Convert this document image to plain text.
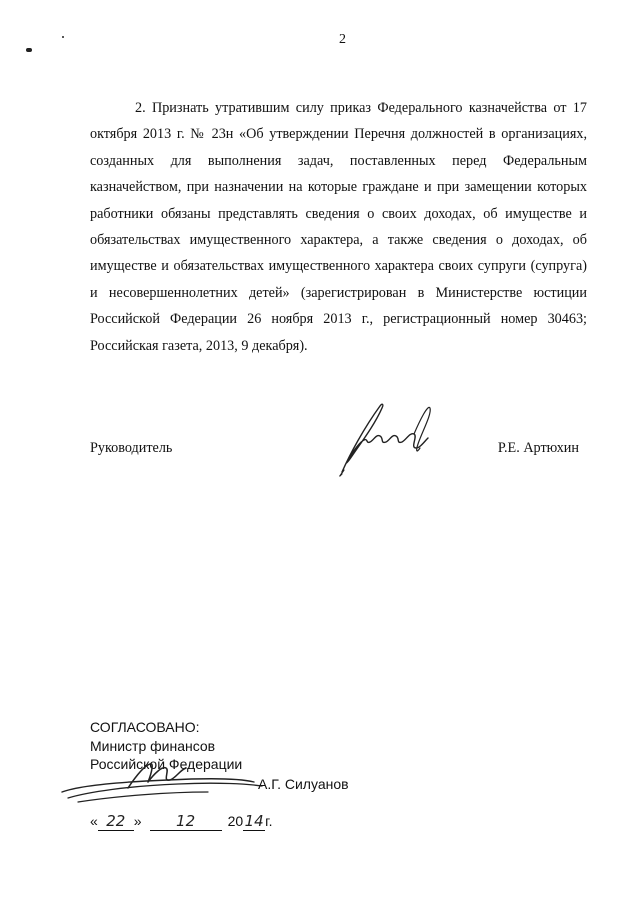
2

2. Признать утратившим силу приказ Федерального казначейства от 17 октября 2013 г. № 23н «Об утверждении Перечня должностей в организациях, созданных для выполнения задач, поставленных перед Федеральным казначейством, при назначении на которые граждане и при замещении которых работники обязаны представлять сведения о своих доходах, об имуществе и обязательствах имущественного характера, а также сведения о доходах, об имуществе и обязательствах имущественного характера своих супруги (супруга) и несовершеннолетних детей» (зарегистрирован в Министерстве юстиции Российской Федерации 26 ноября 2013 г., регистрационный номер 30463; Российская газета, 2013, 9 декабря).

Руководитель	Р.Е. Артюхин
СОГЛАСОВАНО:
Министр финансов
Российской Федерации
А.Г. Силуанов
« 22 » 12 2014г.
